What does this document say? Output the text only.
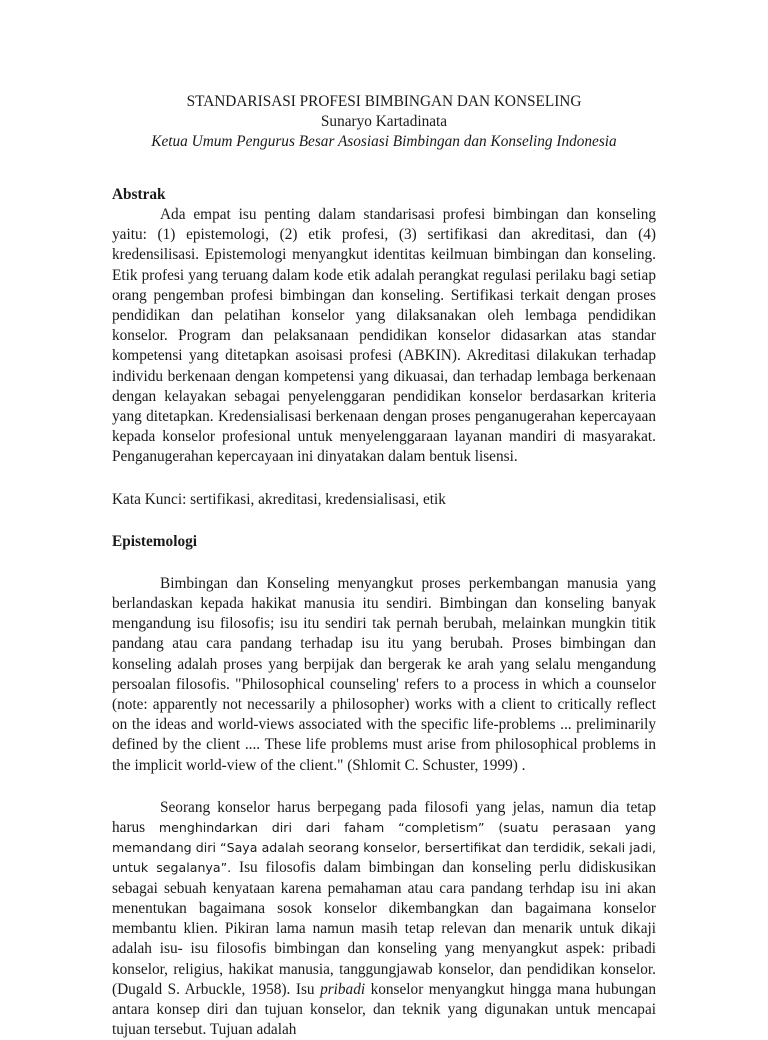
STANDARISASI PROFESI BIMBINGAN DAN KONSELING
Sunaryo Kartadinata
Ketua Umum Pengurus Besar Asosiasi Bimbingan dan Konseling Indonesia
Abstrak

Ada empat isu penting dalam standarisasi profesi bimbingan dan konseling yaitu: (1) epistemologi, (2) etik profesi, (3) sertifikasi dan akreditasi, dan (4) kredensilisasi. Epistemologi menyangkut identitas keilmuan bimbingan dan konseling. Etik profesi yang teruang dalam kode etik adalah perangkat regulasi perilaku bagi setiap orang pengemban profesi bimbingan dan konseling. Sertifikasi terkait dengan proses pendidikan dan pelatihan konselor yang dilaksanakan oleh lembaga pendidikan konselor. Program dan pelaksanaan pendidikan konselor didasarkan atas standar kompetensi yang ditetapkan asoisasi profesi (ABKIN). Akreditasi dilakukan terhadap individu berkenaan dengan kompetensi yang dikuasai, dan terhadap lembaga berkenaan dengan kelayakan sebagai penyelenggaran pendidikan konselor berdasarkan kriteria yang ditetapkan. Kredensialisasi berkenaan dengan proses penganugerahan kepercayaan kepada konselor profesional untuk menyelenggaraan layanan mandiri di masyarakat. Penganugerahan kepercayaan ini dinyatakan dalam bentuk lisensi.

Kata Kunci: sertifikasi, akreditasi, kredensialisasi, etik

Epistemologi

Bimbingan dan Konseling menyangkut proses perkembangan manusia yang berlandaskan kepada hakikat manusia itu sendiri. Bimbingan dan konseling banyak mengandung isu filosofis; isu itu sendiri tak pernah berubah, melainkan mungkin titik pandang atau cara pandang terhadap isu itu yang berubah. Proses bimbingan dan konseling adalah proses yang berpijak dan bergerak ke arah yang selalu mengandung persoalan filosofis. "Philosophical counseling' refers to a process in which a counselor (note: apparently not necessarily a philosopher) works with a client to critically reflect on the ideas and world-views associated with the specific life-problems ... preliminarily defined by the client .... These life problems must arise from philosophical problems in the implicit world-view of the client." (Shlomit C. Schuster, 1999) .

Seorang konselor harus berpegang pada filosofi yang jelas, namun dia tetap harus menghindarkan diri dari faham “completism” (suatu perasaan yang memandang diri “Saya adalah seorang konselor, bersertifikat dan terdidik, sekali jadi, untuk segalanya”. Isu filosofis dalam bimbingan dan konseling perlu didiskusikan sebagai sebuah kenyataan karena pemahaman atau cara pandang terhdap isu ini akan menentukan bagaimana sosok konselor dikembangkan dan bagaimana konselor membantu klien. Pikiran lama namun masih tetap relevan dan menarik untuk dikaji adalah isu- isu filosofis bimbingan dan konseling yang menyangkut aspek: pribadi konselor, religius, hakikat manusia, tanggungjawab konselor, dan pendidikan konselor. (Dugald S. Arbuckle, 1958). Isu pribadi konselor menyangkut hingga mana hubungan antara konsep diri dan tujuan konselor, dan teknik yang digunakan untuk mencapai tujuan tersebut. Tujuan adalah
